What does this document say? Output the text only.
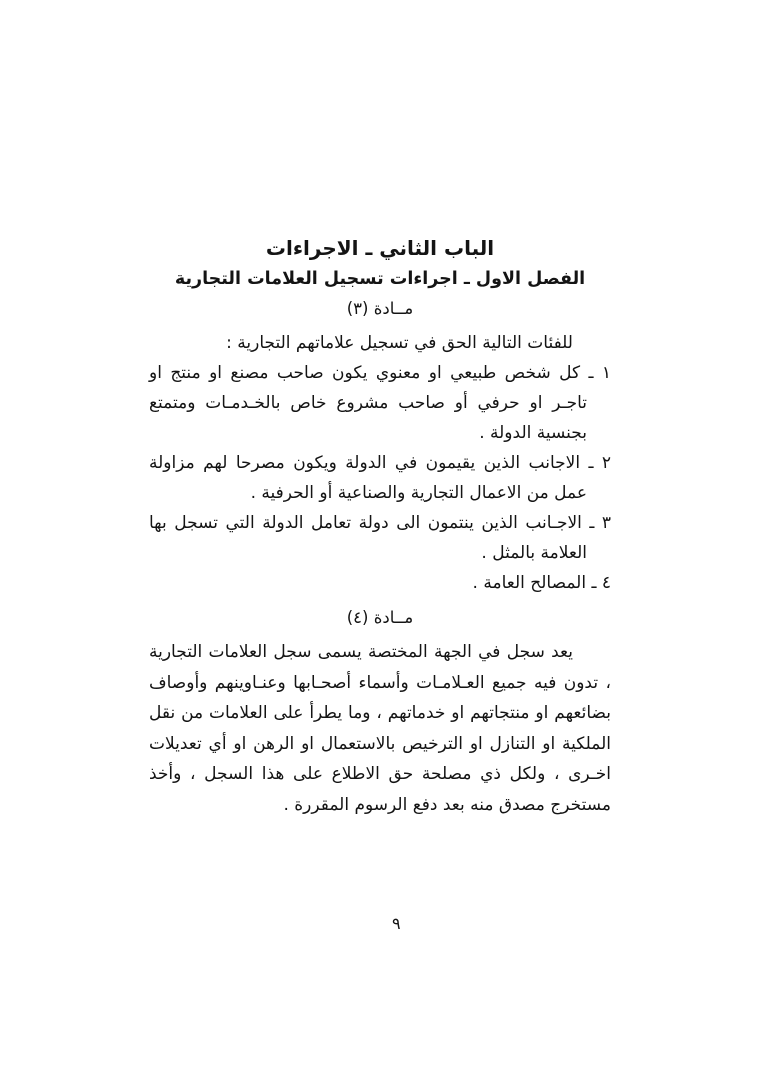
الباب الثاني ـ الاجراءات
الفصل الاول ـ اجراءات تسجيل العلامات التجارية
مــادة (٣)

للفئات التالية الحق في تسجيل علاماتهم التجارية :

١ ـ كل شخص طبيعي او معنوي يكون صاحب مصنع او منتج او تاجـر او حرفي أو صاحب مشروع خاص بالخـدمـات ومتمتع بجنسية الدولة .

٢ ـ الاجانب الذين يقيمون في الدولة ويكون مصرحا لهم مزاولة عمل من الاعمال التجارية والصناعية أو الحرفية .

٣ ـ الاجـانب الذين ينتمون الى دولة تعامل الدولة التي تسجل بها العلامة بالمثل .

٤ ـ المصالح العامة .

مــادة (٤)

يعد سجل في الجهة المختصة يسمى سجل العلامات التجارية ، تدون فيه جميع العـلامـات وأسماء أصحـابها وعنـاوينهم وأوصاف بضائعهم او منتجاتهم او خدماتهم ، وما يطرأ على العلامات من نقل الملكية او التنازل او الترخيص بالاستعمال او الرهن او أي تعديلات اخـرى ، ولكل ذي مصلحة حق الاطلاع على هذا السجل ، وأخذ مستخرج مصدق منه بعد دفع الرسوم المقررة .

٩
